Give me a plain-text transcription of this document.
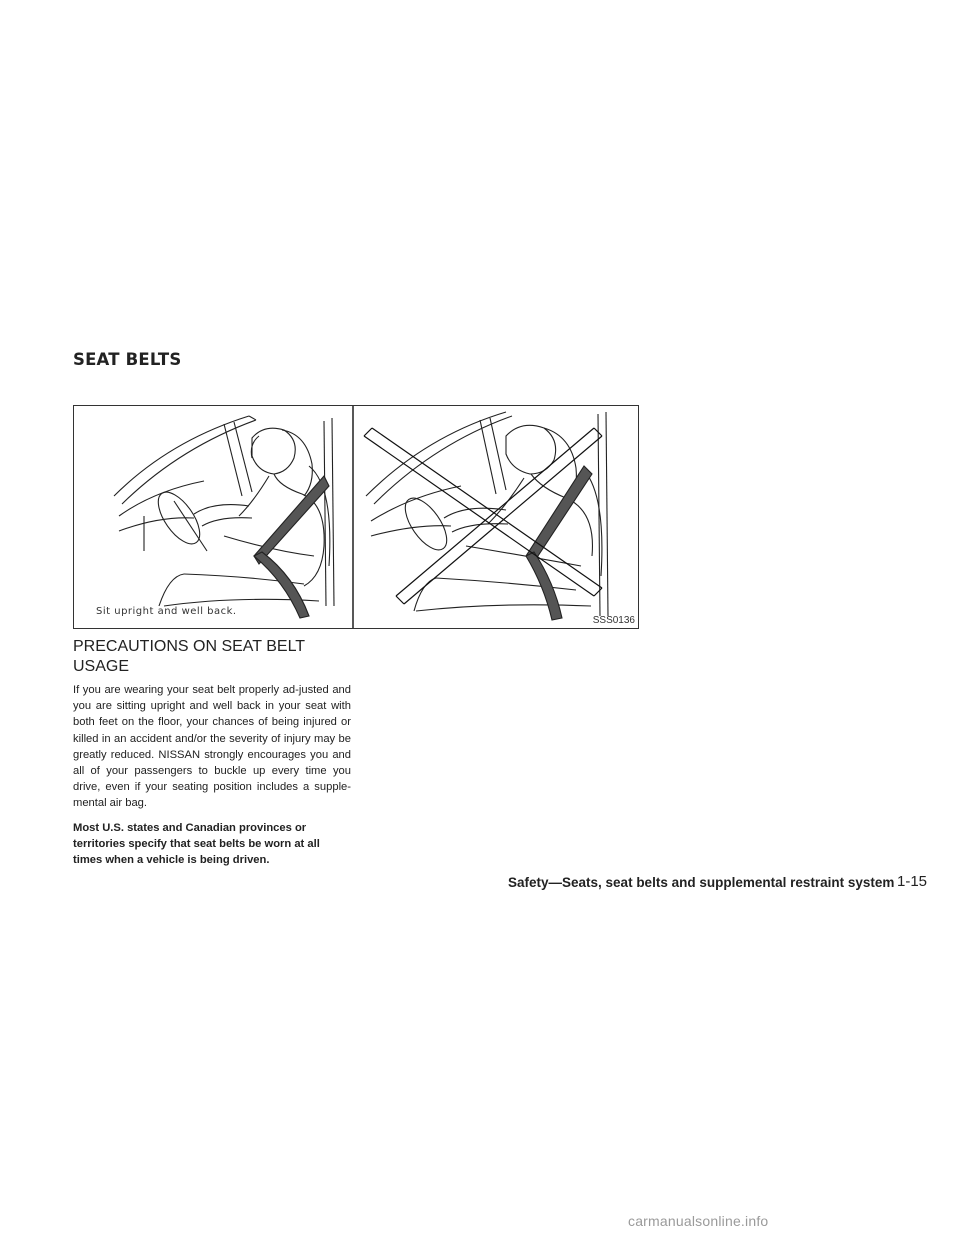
SEAT BELTS
Sit upright and well back.
SSS0136
PRECAUTIONS ON SEAT BELT USAGE

If you are wearing your seat belt properly ad-justed and you are sitting upright and well back in your seat with both feet on the floor, your chances of being injured or killed in an accident and/or the severity of injury may be greatly reduced. NISSAN strongly encourages you and all of your passengers to buckle up every time you drive, even if your seating position includes a supple-mental air bag.

Most U.S. states and Canadian provinces or territories specify that seat belts be worn at all times when a vehicle is being driven.

Safety—Seats, seat belts and supplemental restraint system 1-15
carmanualsonline.info
